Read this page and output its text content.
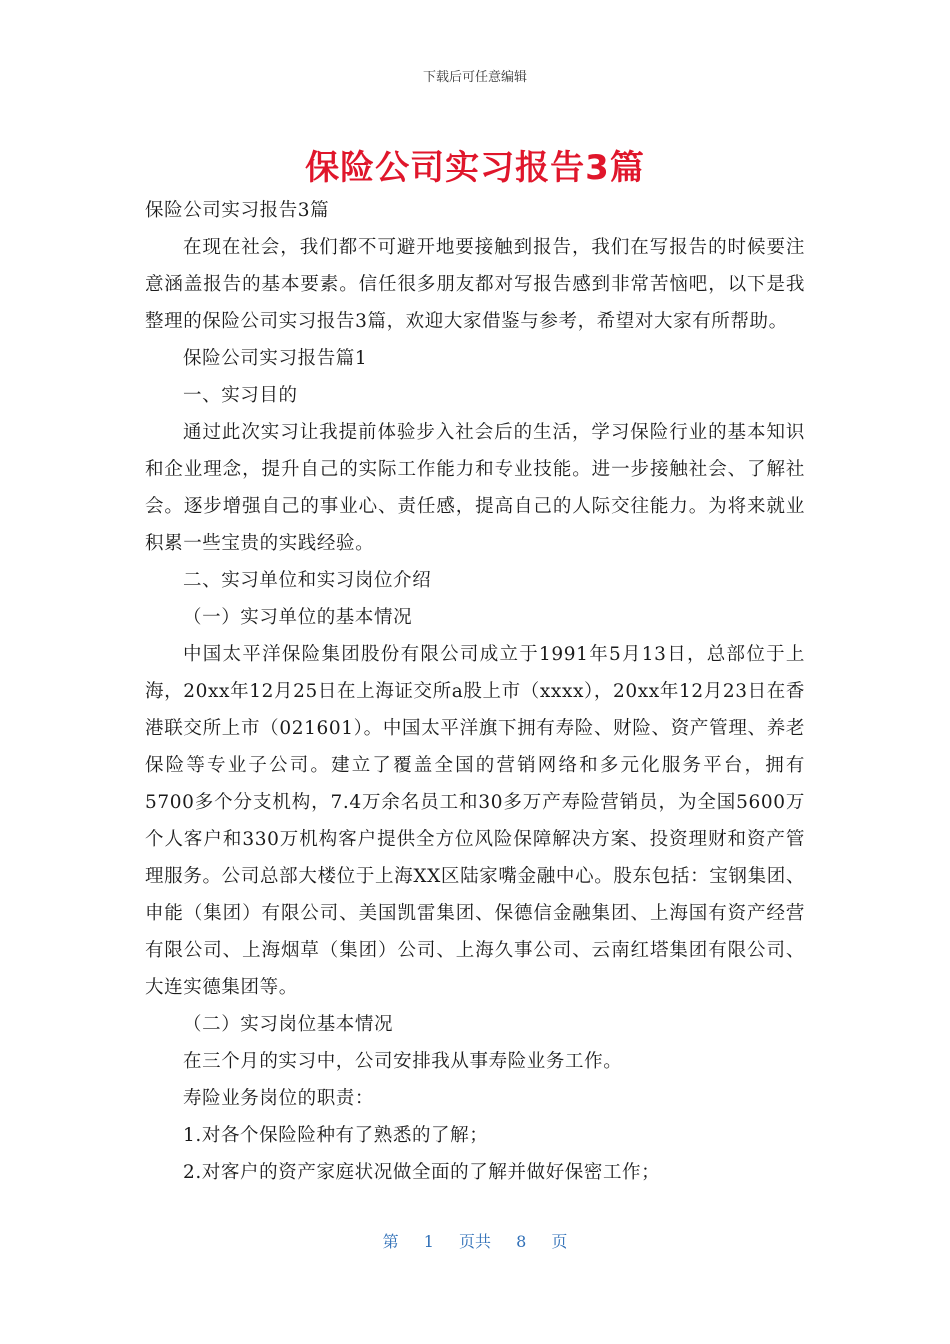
下载后可任意编辑
保险公司实习报告3篇

保险公司实习报告3篇

在现在社会，我们都不可避开地要接触到报告，我们在写报告的时候要注意涵盖报告的基本要素。信任很多朋友都对写报告感到非常苦恼吧，以下是我整理的保险公司实习报告3篇，欢迎大家借鉴与参考，希望对大家有所帮助。

保险公司实习报告篇1

一、实习目的

通过此次实习让我提前体验步入社会后的生活，学习保险行业的基本知识和企业理念，提升自己的实际工作能力和专业技能。进一步接触社会、了解社会。逐步增强自己的事业心、责任感，提高自己的人际交往能力。为将来就业积累一些宝贵的实践经验。

二、实习单位和实习岗位介绍

（一）实习单位的基本情况

中国太平洋保险集团股份有限公司成立于1991年5月13日，总部位于上海，20xx年12月25日在上海证交所a股上市（xxxx），20xx年12月23日在香港联交所上市（021601）。中国太平洋旗下拥有寿险、财险、资产管理、养老保险等专业子公司。建立了覆盖全国的营销网络和多元化服务平台，拥有5700多个分支机构，7.4万余名员工和30多万产寿险营销员，为全国5600万个人客户和330万机构客户提供全方位风险保障解决方案、投资理财和资产管理服务。公司总部大楼位于上海XX区陆家嘴金融中心。股东包括：宝钢集团、申能（集团）有限公司、美国凯雷集团、保德信金融集团、上海国有资产经营有限公司、上海烟草（集团）公司、上海久事公司、云南红塔集团有限公司、大连实德集团等。

（二）实习岗位基本情况

在三个月的实习中，公司安排我从事寿险业务工作。

寿险业务岗位的职责：

1.对各个保险险种有了熟悉的了解；

2.对客户的资产家庭状况做全面的了解并做好保密工作；

第 1 页共 8 页
